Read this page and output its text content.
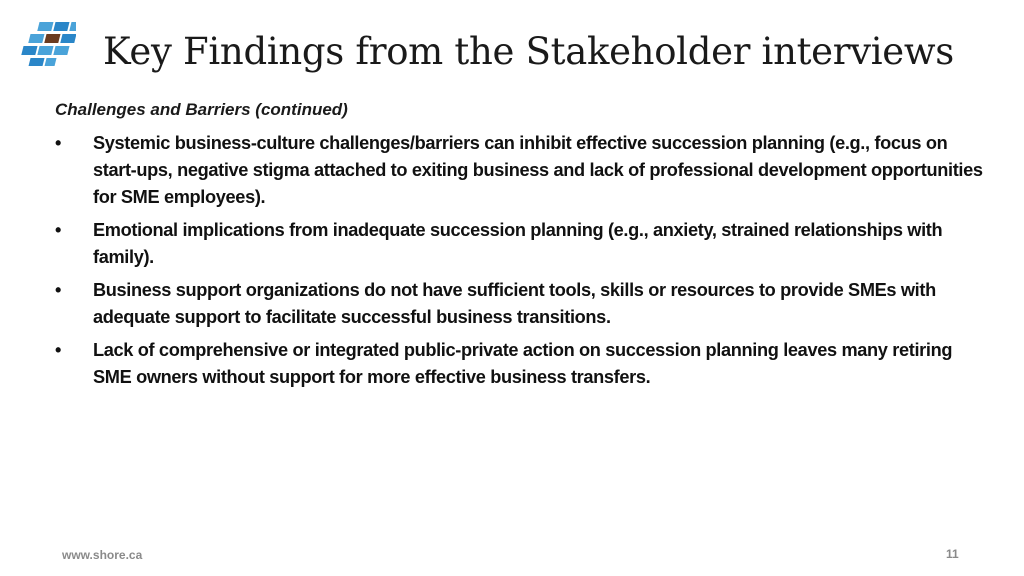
Key Findings from the Stakeholder interviews

Challenges and Barriers (continued)

• Systemic business-culture challenges/barriers can inhibit effective succession planning (e.g., focus on start-ups, negative stigma attached to exiting business and lack of professional development opportunities for SME employees).
• Emotional implications from inadequate succession planning (e.g., anxiety, strained relationships with family).
• Business support organizations do not have sufficient tools, skills or resources to provide SMEs with adequate support to facilitate successful business transitions.
• Lack of comprehensive or integrated public-private action on succession planning leaves many retiring SME owners without support for more effective business transfers.
www.shore.ca	11
